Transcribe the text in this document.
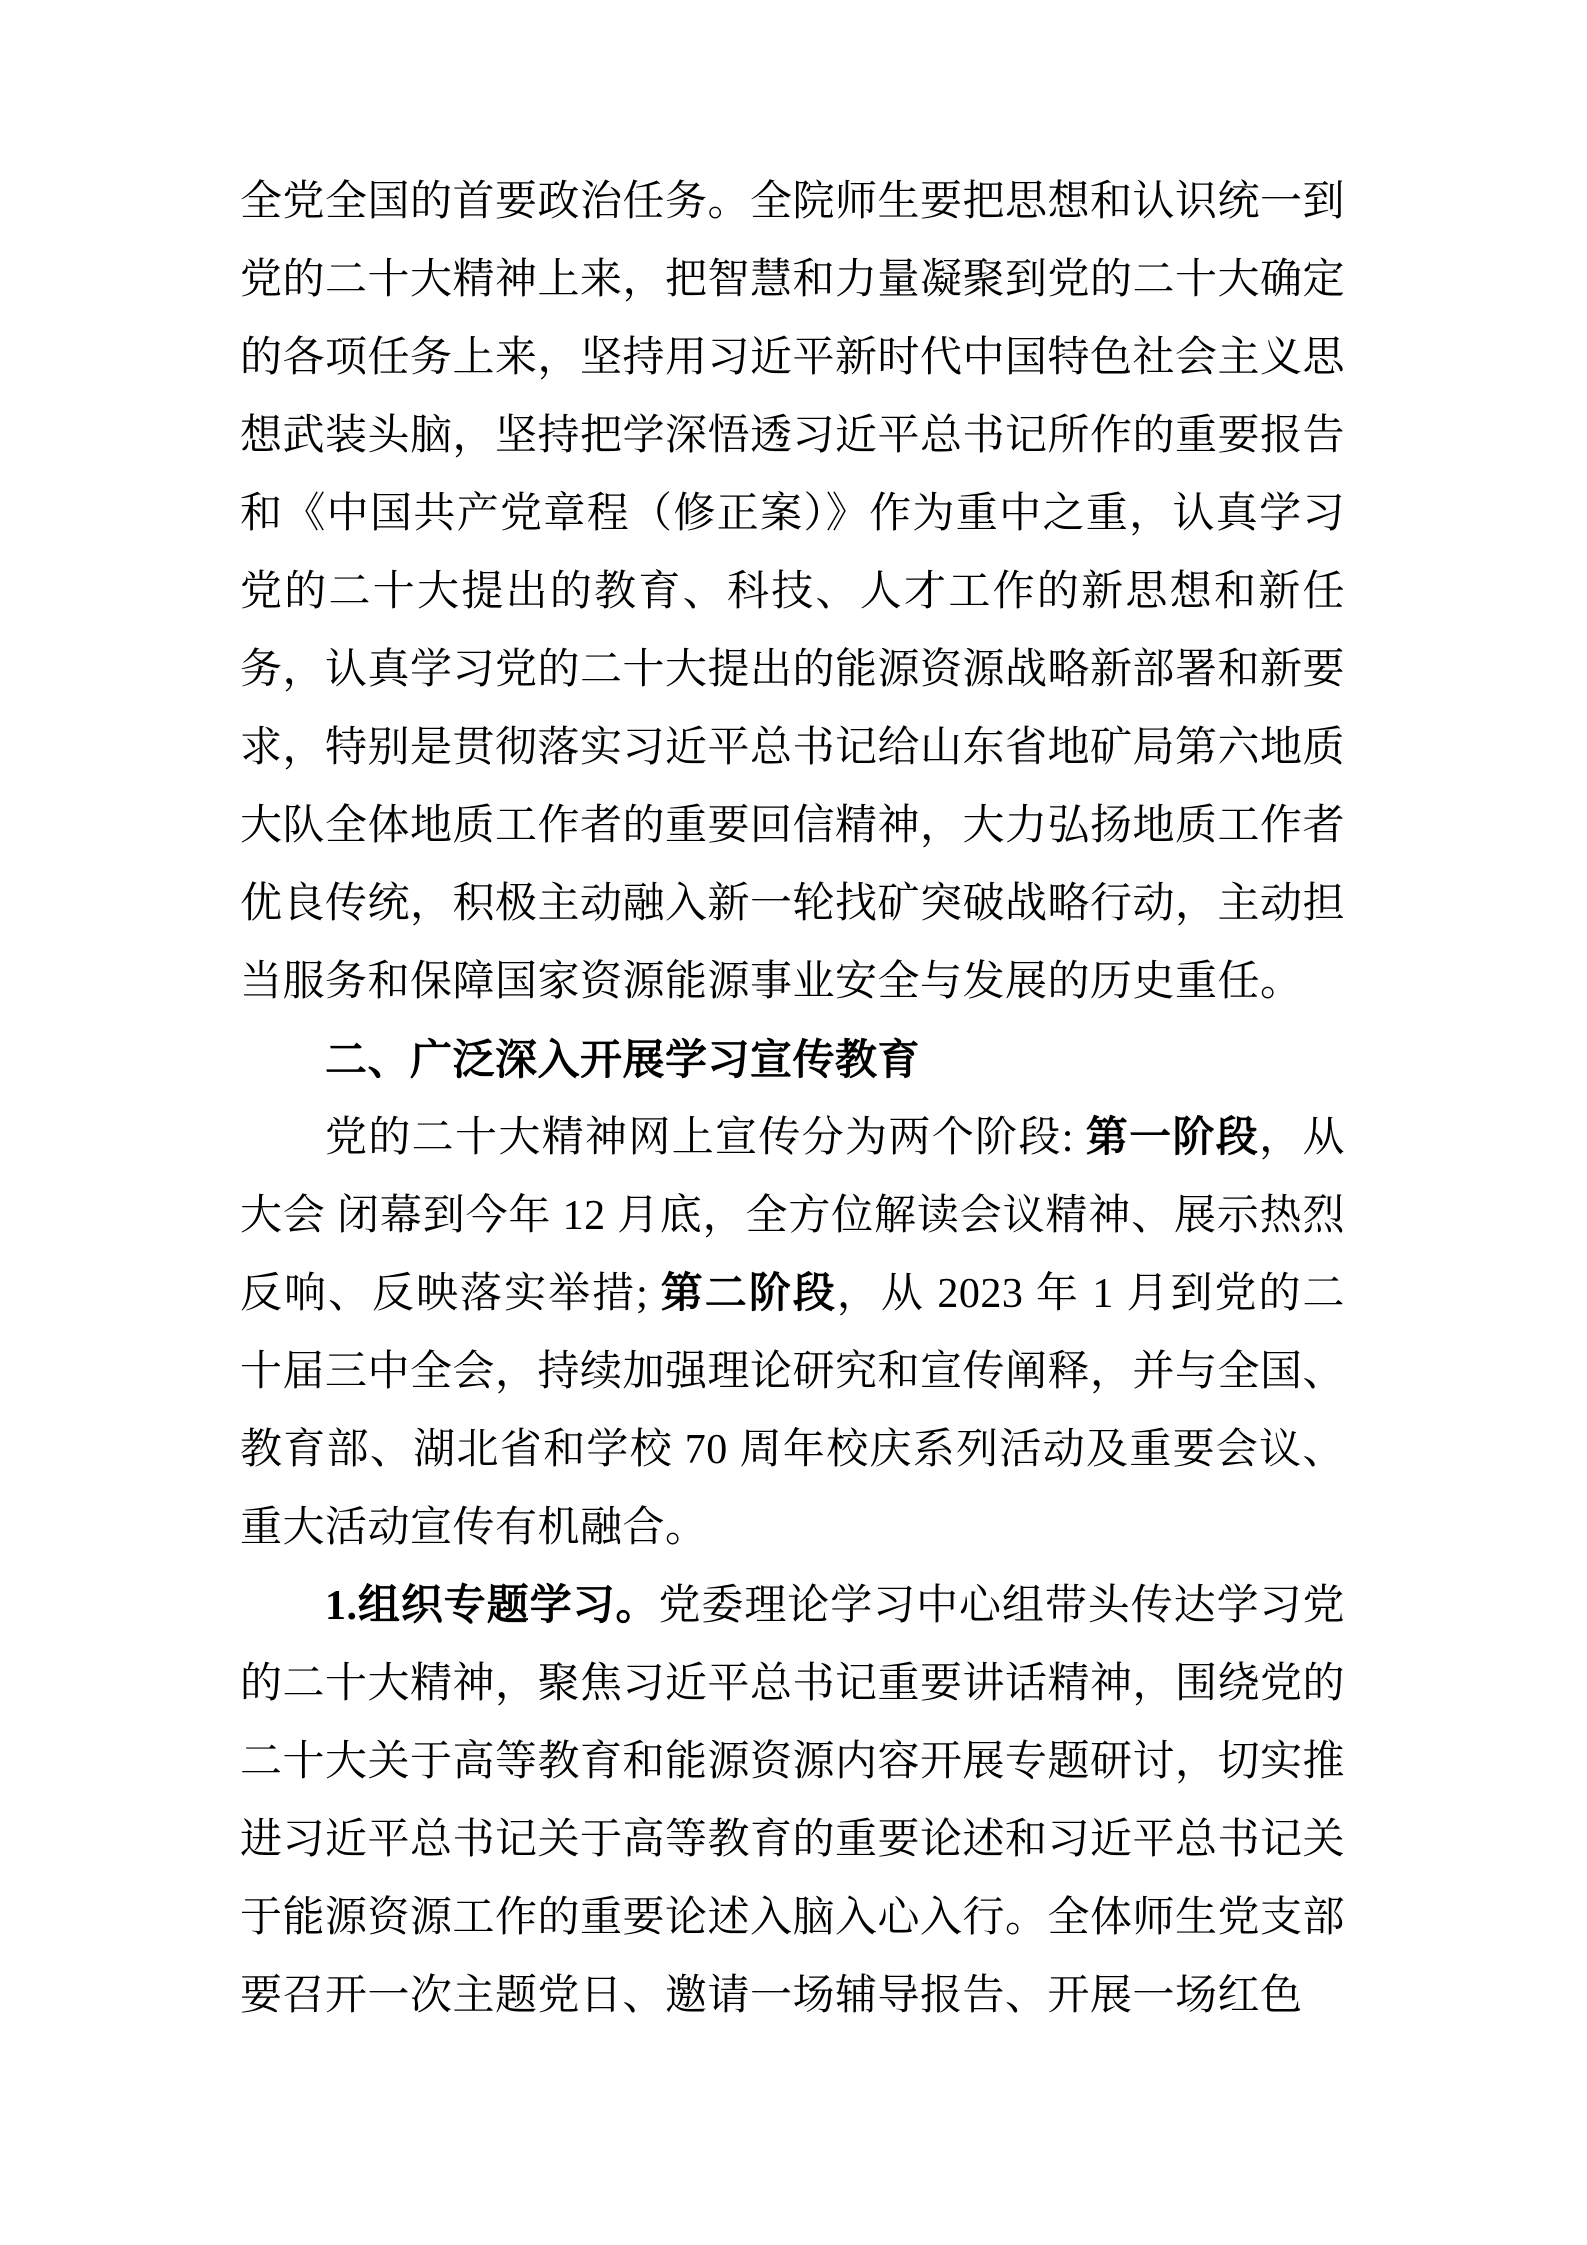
全党全国的首要政治任务。全院师生要把思想和认识统一到党的二十大精神上来，把智慧和力量凝聚到党的二十大确定的各项任务上来，坚持用习近平新时代中国特色社会主义思想武装头脑，坚持把学深悟透习近平总书记所作的重要报告和《中国共产党章程（修正案）》作为重中之重，认真学习党的二十大提出的教育、科技、人才工作的新思想和新任务，认真学习党的二十大提出的能源资源战略新部署和新要求，特别是贯彻落实习近平总书记给山东省地矿局第六地质大队全体地质工作者的重要回信精神，大力弘扬地质工作者优良传统，积极主动融入新一轮找矿突破战略行动，主动担当服务和保障国家资源能源事业安全与发展的历史重任。

二、广泛深入开展学习宣传教育

党的二十大精神网上宣传分为两个阶段: 第一阶段，从大会 闭幕到今年 12 月底，全方位解读会议精神、展示热烈反响、反映落实举措; 第二阶段，从 2023 年 1 月到党的二十届三中全会，持续加强理论研究和宣传阐释，并与全国、教育部、湖北省和学校 70 周年校庆系列活动及重要会议、重大活动宣传有机融合。

1.组织专题学习。党委理论学习中心组带头传达学习党的二十大精神，聚焦习近平总书记重要讲话精神，围绕党的二十大关于高等教育和能源资源内容开展专题研讨，切实推进习近平总书记关于高等教育的重要论述和习近平总书记关于能源资源工作的重要论述入脑入心入行。全体师生党支部要召开一次主题党日、邀请一场辅导报告、开展一场红色
